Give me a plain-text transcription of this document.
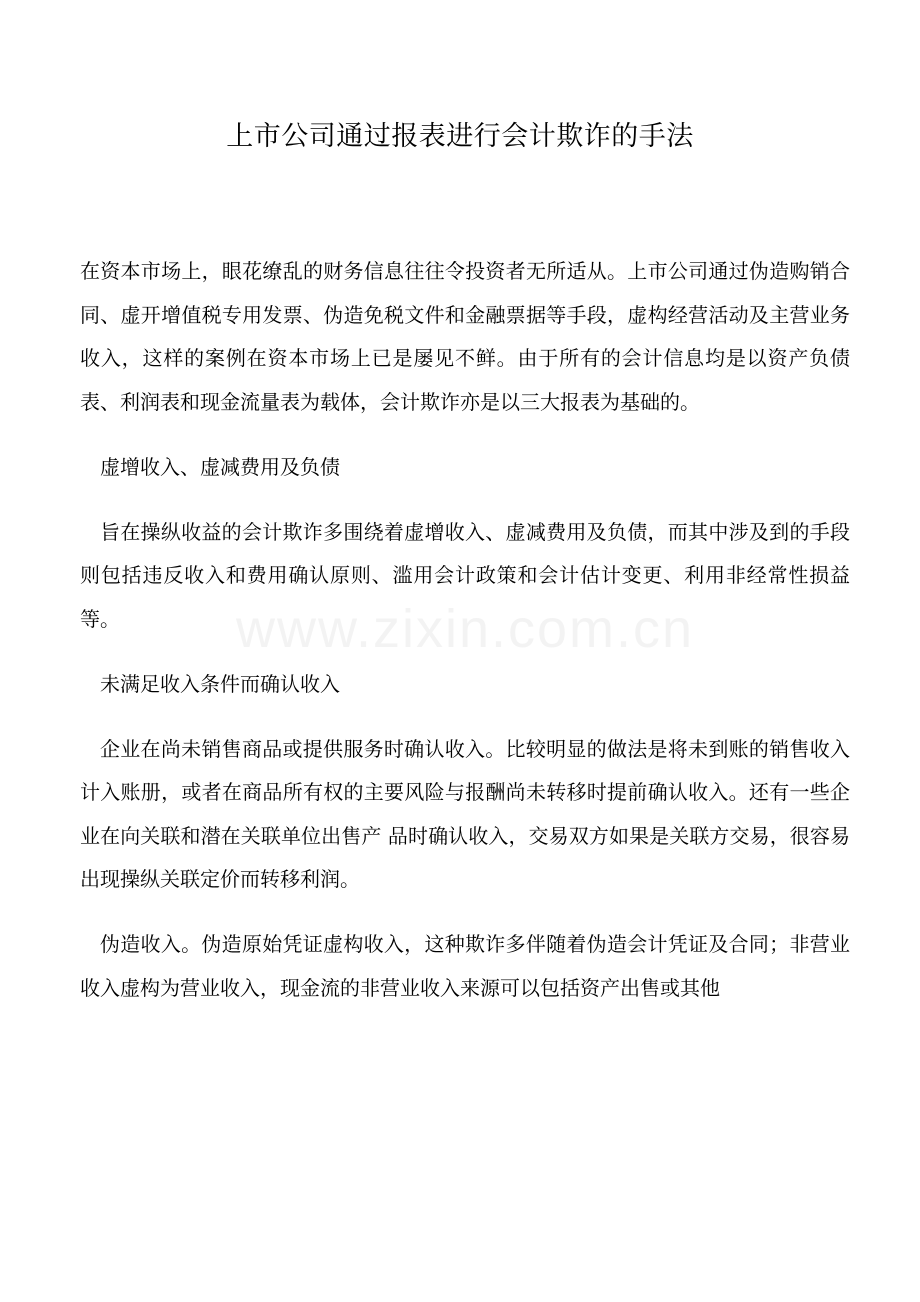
上市公司通过报表进行会计欺诈的手法

在资本市场上，眼花缭乱的财务信息往往令投资者无所适从。上市公司通过伪造购销合同、虚开增值税专用发票、伪造免税文件和金融票据等手段，虚构经营活动及主营业务收入，这样的案例在资本市场上已是屡见不鲜。由于所有的会计信息均是以资产负债表、利润表和现金流量表为载体，会计欺诈亦是以三大报表为基础的。

虚增收入、虚减费用及负债

旨在操纵收益的会计欺诈多围绕着虚增收入、虚减费用及负债，而其中涉及到的手段则包括违反收入和费用确认原则、滥用会计政策和会计估计变更、利用非经常性损益等。

未满足收入条件而确认收入

企业在尚未销售商品或提供服务时确认收入。比较明显的做法是将未到账的销售收入计入账册，或者在商品所有权的主要风险与报酬尚未转移时提前确认收入。还有一些企业在向关联和潜在关联单位出售产 品时确认收入，交易双方如果是关联方交易，很容易出现操纵关联定价而转移利润。

伪造收入。伪造原始凭证虚构收入，这种欺诈多伴随着伪造会计凭证及合同；非营业收入虚构为营业收入，现金流的非营业收入来源可以包括资产出售或其他

www.zixin.com.cn
